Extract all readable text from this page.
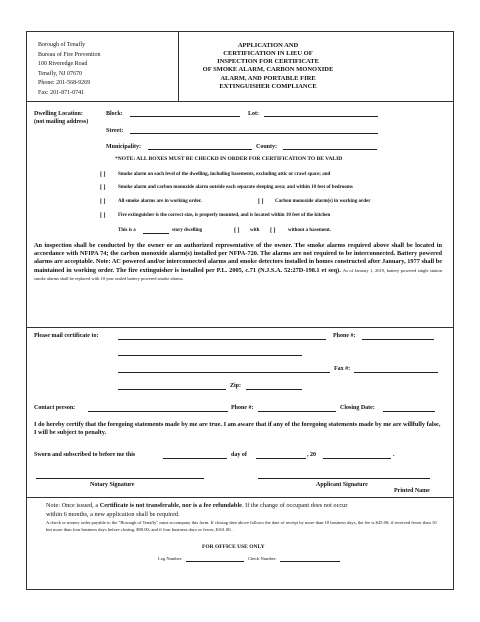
Borough of Tenafly
Bureau of Fire Prevention
100 Riveredge Road
Tenafly, NJ 07670
Phone: 201-568-9269
Fax: 201-871-0741
APPLICATION AND
CERTIFICATION IN LIEU OF
INSPECTION FOR CERTIFICATE
OF SMOKE ALARM, CARBON MONOXIDE
ALARM, AND PORTABLE FIRE
EXTINGUISHER COMPLIANCE
Dwelling Location:
(not mailing address)
Block:	Lot:
Street:
Municipality:	County:
*NOTE: ALL BOXES MUST BE CHECKD IN ORDER FOR CERTIFICATION TO BE VALID
[ ]	Smoke alarm on each level of the dwelling, including basements, excluding attic or crawl space; and
[ ]	Smoke alarm and carbon monoxide alarm outside each separate sleeping area; and within 10 feet of bedrooms
[ ]	All smoke alarms are in working order.	[ ] Carbon monoxide alarm(s) in working order
[ ]	Fire extinguisher is the correct size, is properly mounted, and is located within 10 feet of the kitchen
This is a	story dwelling	[ ] with [ ]	without a basement.
An inspection shall be conducted by the owner or an authorized representative of the owner. The smoke alarms required above shall be located in accordance with NFIPA 74; the carbon monoxide alarm(s) installed per NFPA-720. The alarms are not required to be interconnected. Battery powered alarms are acceptable. Note: AC powered and/or interconnected alarms and smoke detectors installed in homes constructed after January, 1977 shall be maintained in working order. The fire extinguisher is installed per P.L. 2005, c.71 (N.J.S.A. 52:27D-198.1 et seq). As of January 1, 2019, battery powered single station smoke alarms shall be replaced with 10 year sealed battery powered smoke alarms.
Please mail certificate to:	Phone #:
Fax #:
Zip:
Contact person:	Phone #:	Closing Date:
I do hereby certify that the foregoing statements made by me are true. I am aware that if any of the foregoing statements made by me are willfully false, I will be subject to penalty.
Sworn and subscribed to before me this	day of	, 20	.
Notary Signature	Applicant Signature
Printed Name
Note: Once issued, a Certificate is not transferable, nor is a fee refundable. If the change of occupant does not occur
within 6 months, a new application shall be required.
A check or money order payable to the "Borough of Tenafly" must accompany this form. If closing date above follows the date of receipt by more than 10 business days, the fee is $45.00; if received fewer than 10 but more than four business days before closing, $90.00; and if four business days or fewer, $161.00. .
FOR OFFICE USE ONLY
Log Number:	Check Number:
